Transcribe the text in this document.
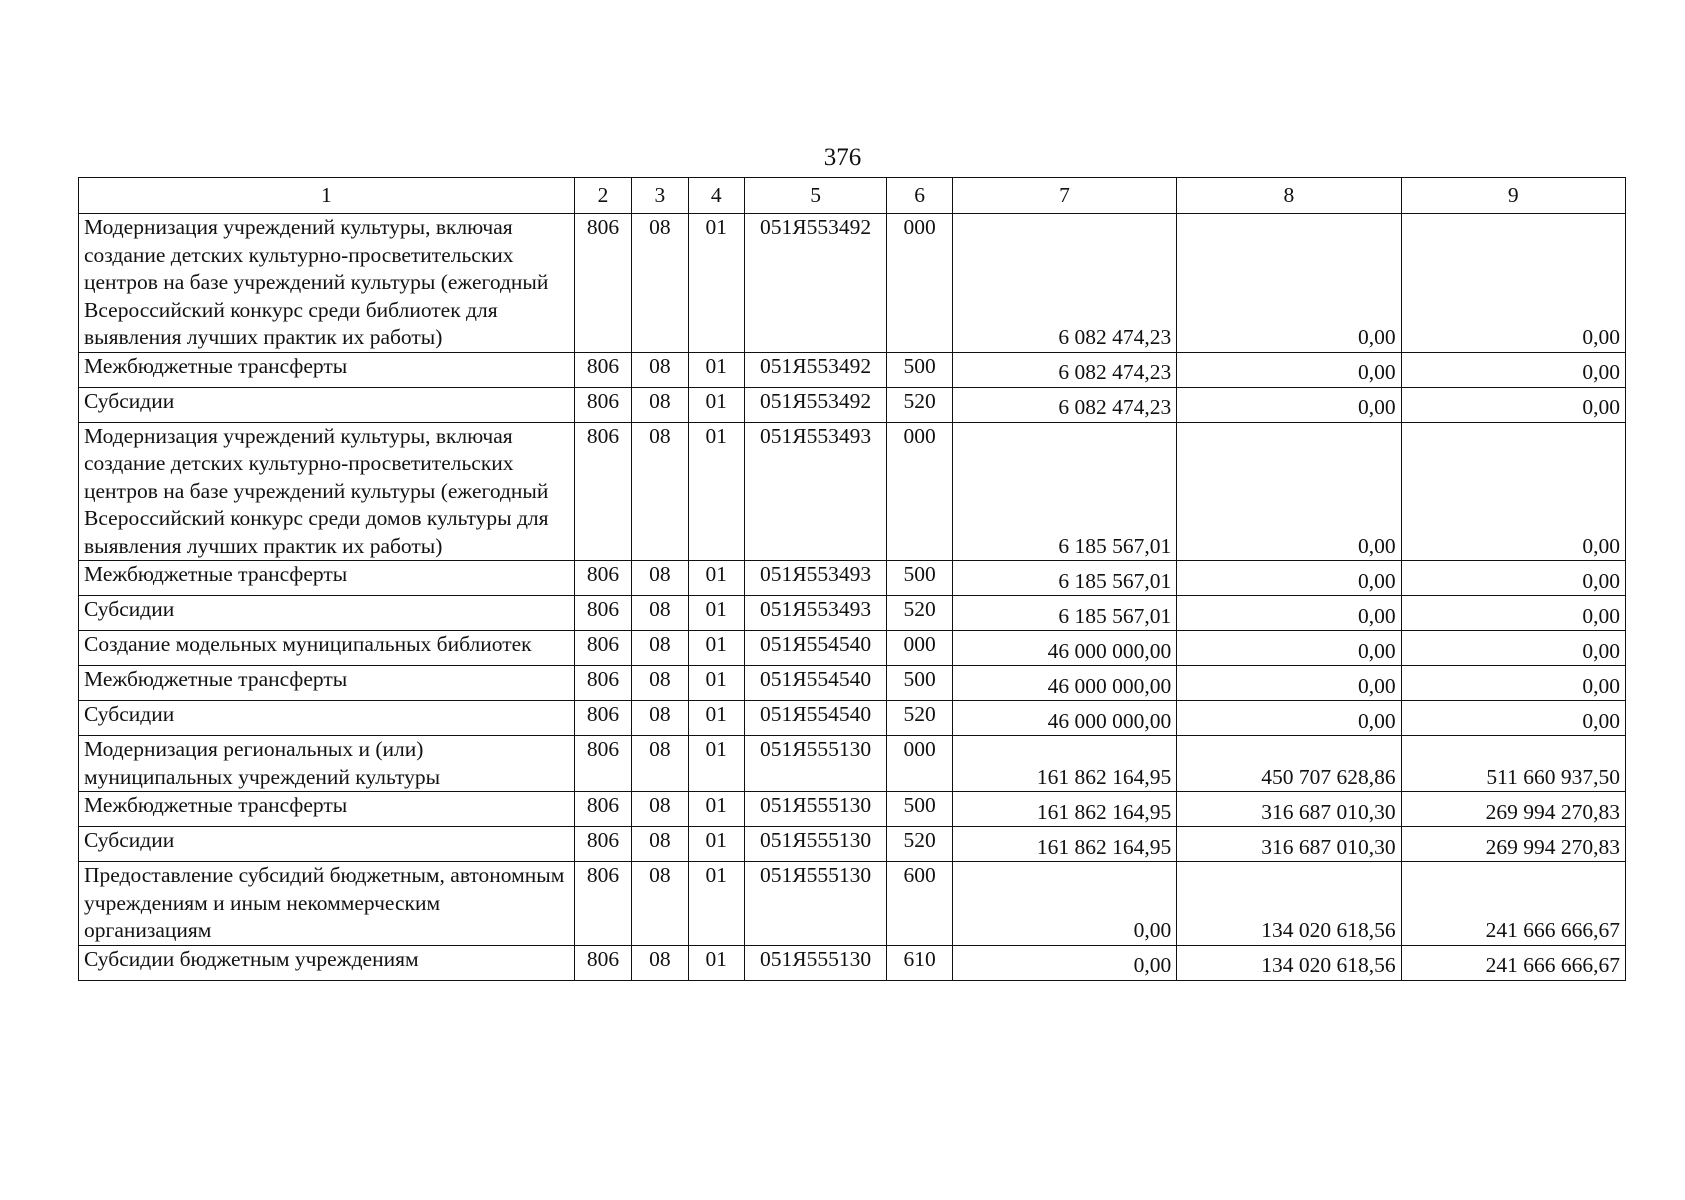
376
1	2	3	4	5	6	7	8	9
Модернизация учреждений культуры, включая создание детских культурно-просветительских центров на базе учреждений культуры (ежегодный Всероссийский конкурс среди библиотек для выявления лучших практик их работы)	806	08	01	051Я553492	000	6 082 474,23	0,00	0,00
Межбюджетные трансферты	806	08	01	051Я553492	500	6 082 474,23	0,00	0,00
Субсидии	806	08	01	051Я553492	520	6 082 474,23	0,00	0,00
Модернизация учреждений культуры, включая создание детских культурно-просветительских центров на базе учреждений культуры (ежегодный Всероссийский конкурс среди домов культуры для выявления лучших практик их работы)	806	08	01	051Я553493	000	6 185 567,01	0,00	0,00
Межбюджетные трансферты	806	08	01	051Я553493	500	6 185 567,01	0,00	0,00
Субсидии	806	08	01	051Я553493	520	6 185 567,01	0,00	0,00
Создание модельных муниципальных библиотек	806	08	01	051Я554540	000	46 000 000,00	0,00	0,00
Межбюджетные трансферты	806	08	01	051Я554540	500	46 000 000,00	0,00	0,00
Субсидии	806	08	01	051Я554540	520	46 000 000,00	0,00	0,00
Модернизация региональных и (или) муниципальных учреждений культуры	806	08	01	051Я555130	000	161 862 164,95	450 707 628,86	511 660 937,50
Межбюджетные трансферты	806	08	01	051Я555130	500	161 862 164,95	316 687 010,30	269 994 270,83
Субсидии	806	08	01	051Я555130	520	161 862 164,95	316 687 010,30	269 994 270,83
Предоставление субсидий бюджетным, автономным учреждениям и иным некоммерческим организациям	806	08	01	051Я555130	600	0,00	134 020 618,56	241 666 666,67
Субсидии бюджетным учреждениям	806	08	01	051Я555130	610	0,00	134 020 618,56	241 666 666,67
